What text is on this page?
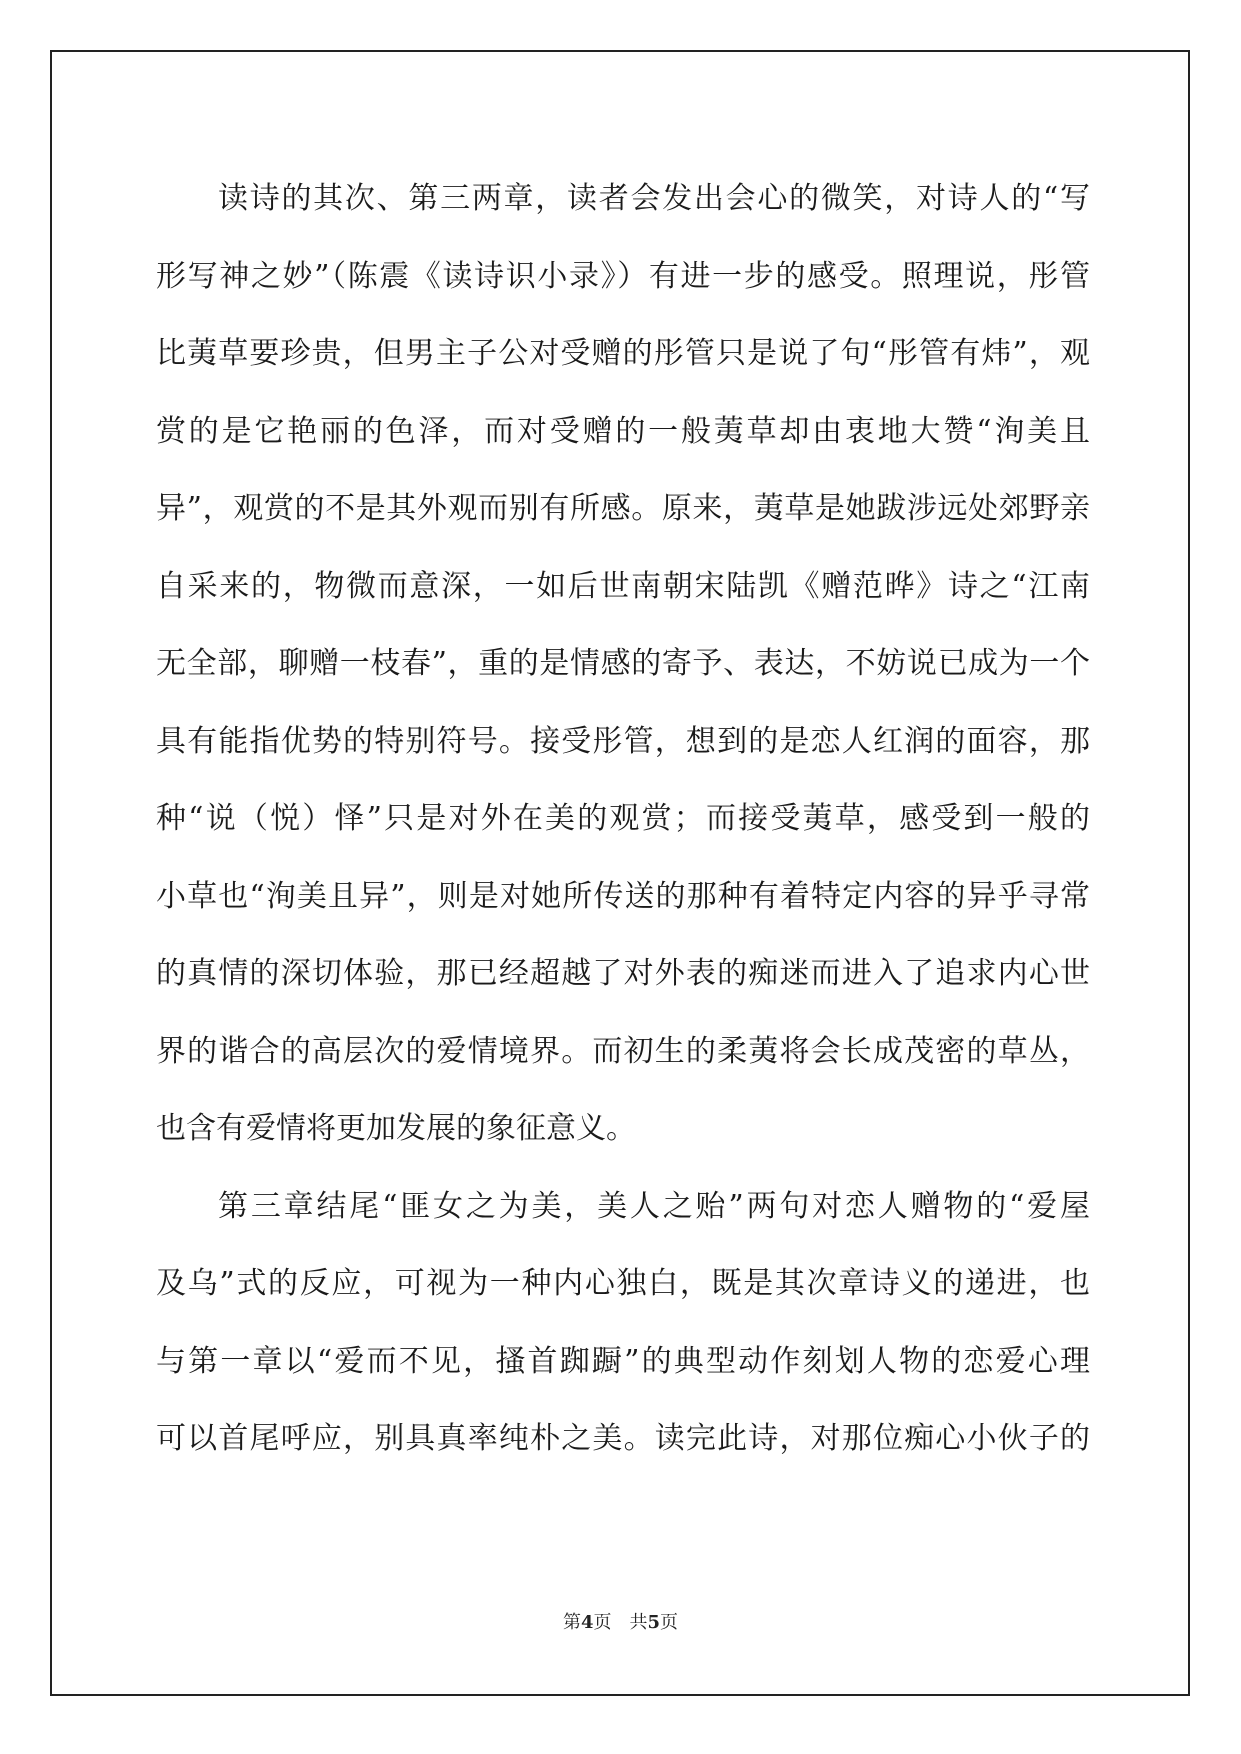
读诗的其次、第三两章，读者会发出会心的微笑，对诗人的“写
形写神之妙”（陈震《读诗识小录》）有进一步的感受。照理说，彤管
比荑草要珍贵，但男主子公对受赠的彤管只是说了句“彤管有炜”，观
赏的是它艳丽的色泽，而对受赠的一般荑草却由衷地大赞“洵美且
异”，观赏的不是其外观而别有所感。原来，荑草是她跋涉远处郊野亲
自采来的，物微而意深，一如后世南朝宋陆凯《赠范晔》诗之“江南
无全部，聊赠一枝春”，重的是情感的寄予、表达，不妨说已成为一个
具有能指优势的特别符号。接受彤管，想到的是恋人红润的面容，那
种“说（悦）怿”只是对外在美的观赏；而接受荑草，感受到一般的
小草也“洵美且异”，则是对她所传送的那种有着特定内容的异乎寻常
的真情的深切体验，那已经超越了对外表的痴迷而进入了追求内心世
界的谐合的高层次的爱情境界。而初生的柔荑将会长成茂密的草丛，
也含有爱情将更加发展的象征意义。
第三章结尾“匪女之为美，美人之贻”两句对恋人赠物的“爱屋
及乌”式的反应，可视为一种内心独白，既是其次章诗义的递进，也
与第一章以“爱而不见，搔首踟蹰”的典型动作刻划人物的恋爱心理
可以首尾呼应，别具真率纯朴之美。读完此诗，对那位痴心小伙子的
第4页 共5页
